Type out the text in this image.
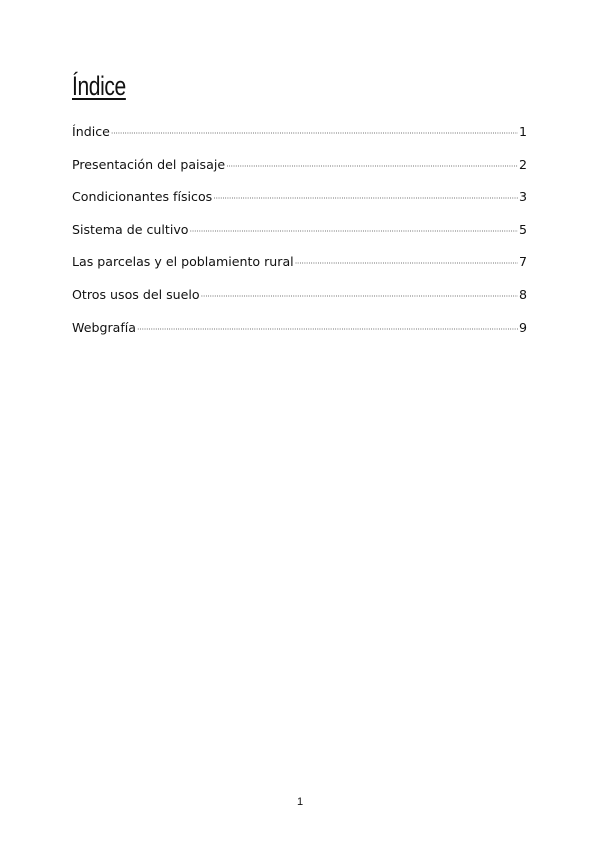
Índice
Índice ·····	1
Presentación del paisaje ·····	2
Condicionantes físicos ·····	3
Sistema de cultivo ·····	5
Las parcelas y el poblamiento rural ·····	7
Otros usos del suelo ·····	8
Webgrafía ·····	9
1
